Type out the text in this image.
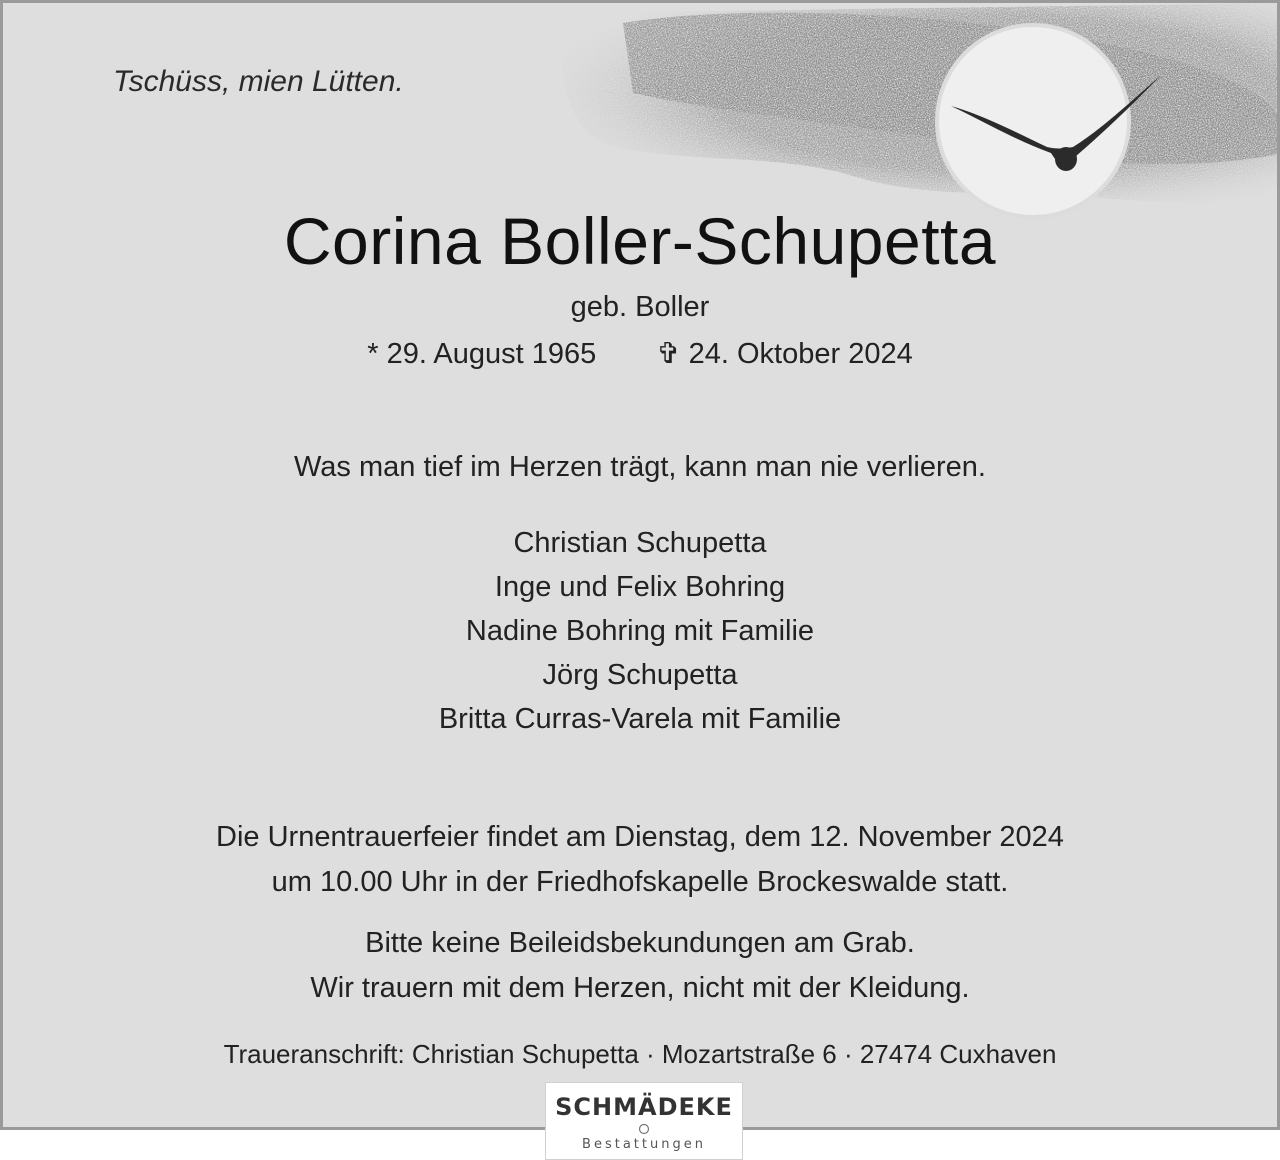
Tschüss, mien Lütten.
Corina Boller-Schupetta
geb. Boller
* 29. August 1965 ✞ 24. Oktober 2024
Was man tief im Herzen trägt, kann man nie verlieren.
Christian Schupetta
Inge und Felix Bohring
Nadine Bohring mit Familie
Jörg Schupetta
Britta Curras-Varela mit Familie
Die Urnentrauerfeier findet am Dienstag, dem 12. November 2024
um 10.00 Uhr in der Friedhofskapelle Brockeswalde statt.
Bitte keine Beileidsbekundungen am Grab.
Wir trauern mit dem Herzen, nicht mit der Kleidung.
Traueranschrift: Christian Schupetta · Mozartstraße 6 · 27474 Cuxhaven
SCHMÄDEKE
Bestattungen
